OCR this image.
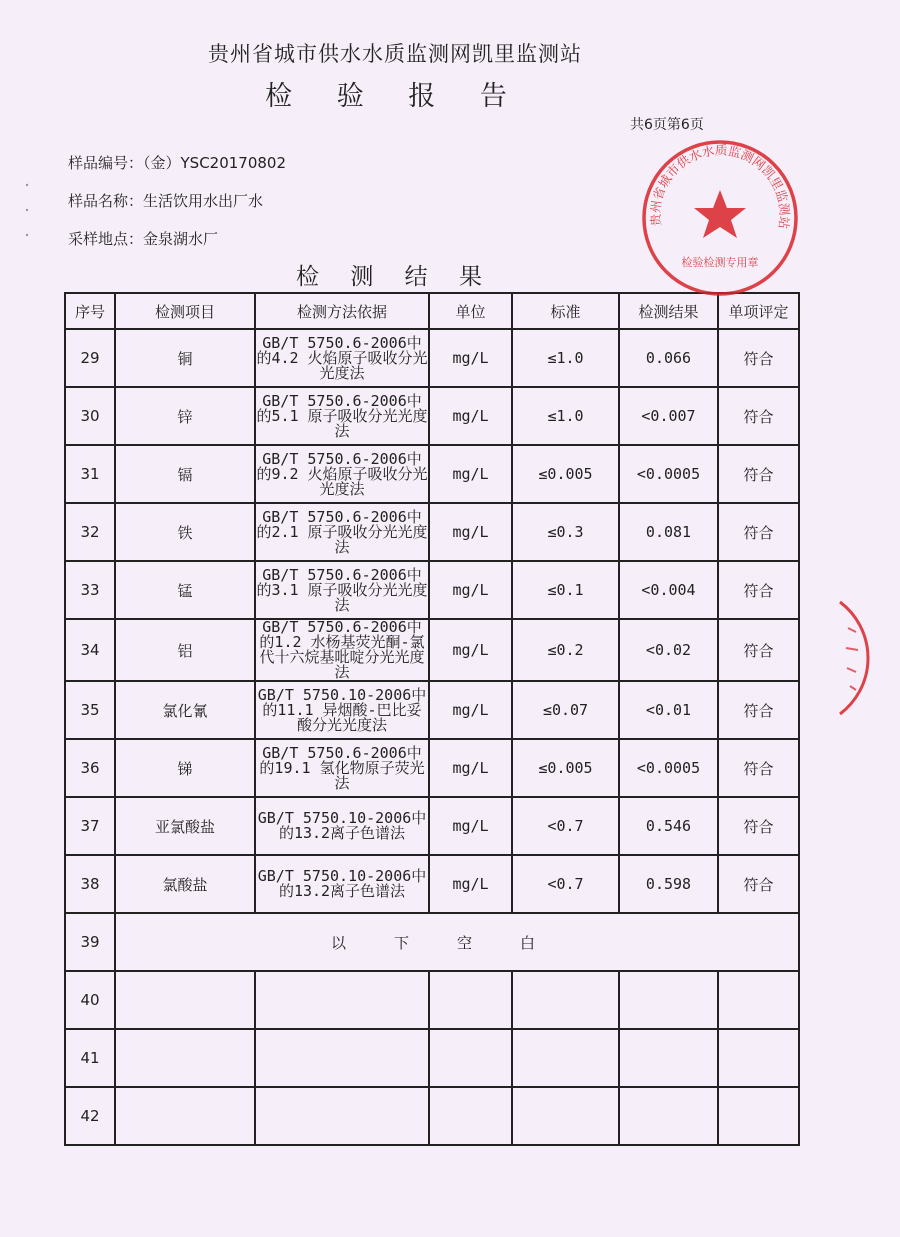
贵州省城市供水水质监测网凯里监测站
检 验 报 告
共6页第6页
样品编号：（金）YSC20170802
样品名称：生活饮用水出厂水
采样地点：金泉湖水厂
检 测 结 果
序号	检测项目	检测方法依据	单位	标准	检测结果	单项评定
29	铜	GB/T 5750.6-2006中的4.2 火焰原子吸收分光光度法	mg/L	≤1.0	0.066	符合
30	锌	GB/T 5750.6-2006中的5.1 原子吸收分光光度法	mg/L	≤1.0	<0.007	符合
31	镉	GB/T 5750.6-2006中的9.2 火焰原子吸收分光光度法	mg/L	≤0.005	<0.0005	符合
32	铁	GB/T 5750.6-2006中的2.1 原子吸收分光光度法	mg/L	≤0.3	0.081	符合
33	锰	GB/T 5750.6-2006中的3.1 原子吸收分光光度法	mg/L	≤0.1	<0.004	符合
34	铝	GB/T 5750.6-2006中的1.2 水杨基荧光酮-氯代十六烷基吡啶分光光度法	mg/L	≤0.2	<0.02	符合
35	氯化氰	GB/T 5750.10-2006中的11.1 异烟酸-巴比妥酸分光光度法	mg/L	≤0.07	<0.01	符合
36	锑	GB/T 5750.6-2006中的19.1 氢化物原子荧光法	mg/L	≤0.005	<0.0005	符合
37	亚氯酸盐	GB/T 5750.10-2006中的13.2离子色谱法	mg/L	<0.7	0.546	符合
38	氯酸盐	GB/T 5750.10-2006中的13.2离子色谱法	mg/L	<0.7	0.598	符合
39	以下空白					
40						
41						
42						
贵州省城市供水水质监测网凯里监测站
检验检测专用章
